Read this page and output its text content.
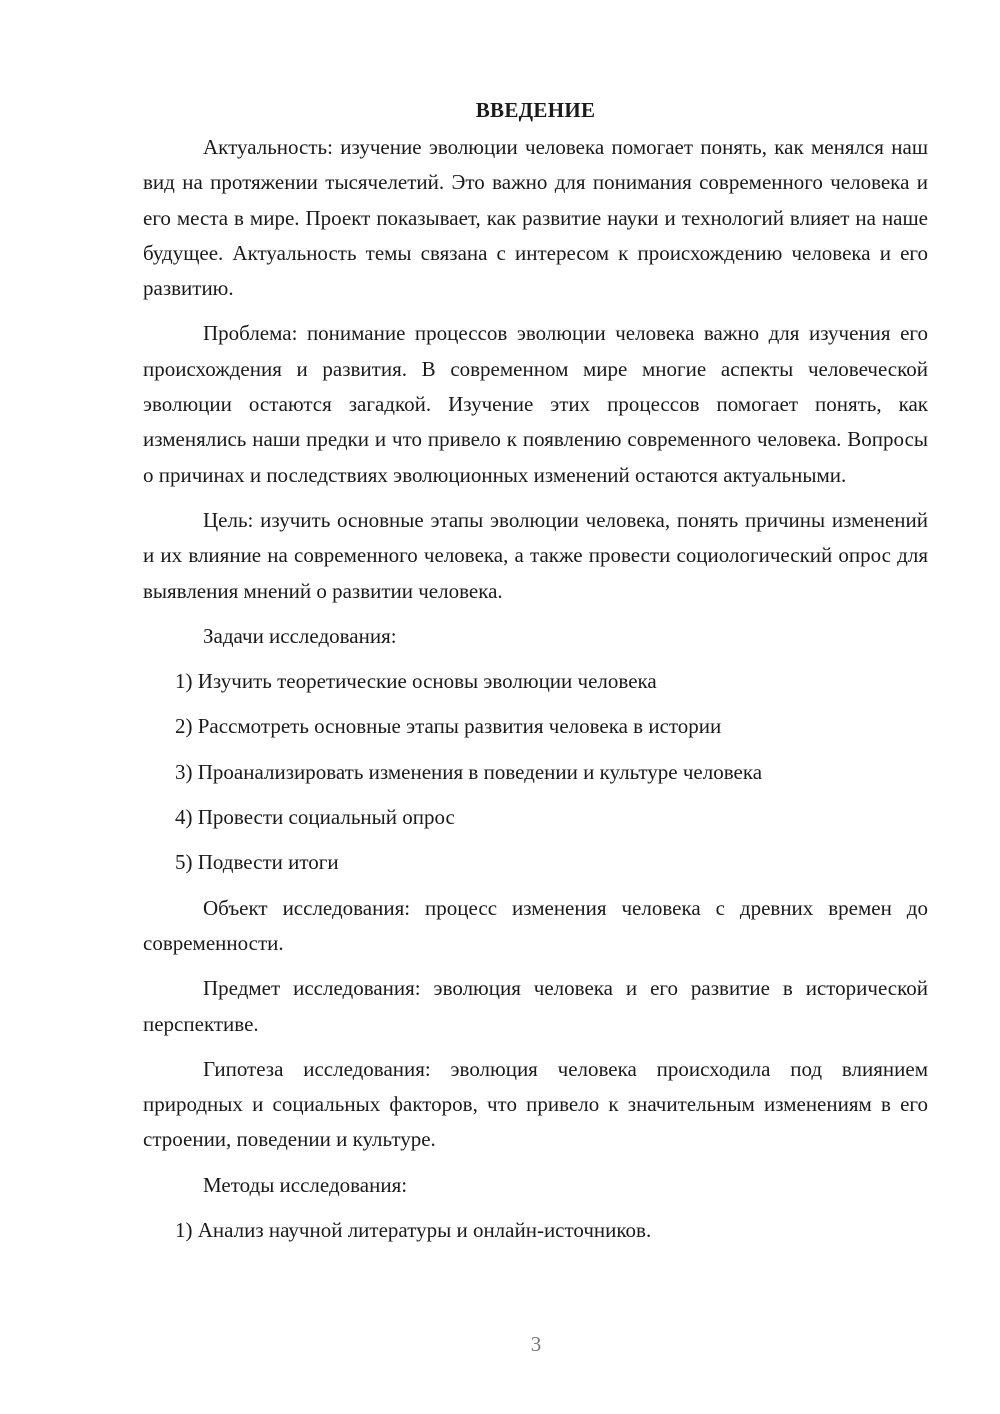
ВВЕДЕНИЕ

Актуальность: изучение эволюции человека помогает понять, как менялся наш вид на протяжении тысячелетий. Это важно для понимания современного человека и его места в мире. Проект показывает, как развитие науки и технологий влияет на наше будущее. Актуальность темы связана с интересом к происхождению человека и его развитию.

Проблема: понимание процессов эволюции человека важно для изучения его происхождения и развития. В современном мире многие аспекты человеческой эволюции остаются загадкой. Изучение этих процессов помогает понять, как изменялись наши предки и что привело к появлению современного человека. Вопросы о причинах и последствиях эволюционных изменений остаются актуальными.

Цель: изучить основные этапы эволюции человека, понять причины изменений и их влияние на современного человека, а также провести социологический опрос для выявления мнений о развитии человека.

Задачи исследования:

1) Изучить теоретические основы эволюции человека
2) Рассмотреть основные этапы развития человека в истории
3) Проанализировать изменения в поведении и культуре человека
4) Провести социальный опрос
5) Подвести итоги

Объект исследования: процесс изменения человека с древних времен до современности.

Предмет исследования: эволюция человека и его развитие в исторической перспективе.

Гипотеза исследования: эволюция человека происходила под влиянием природных и социальных факторов, что привело к значительным изменениям в его строении, поведении и культуре.

Методы исследования:

1) Анализ научной литературы и онлайн-источников.
3
